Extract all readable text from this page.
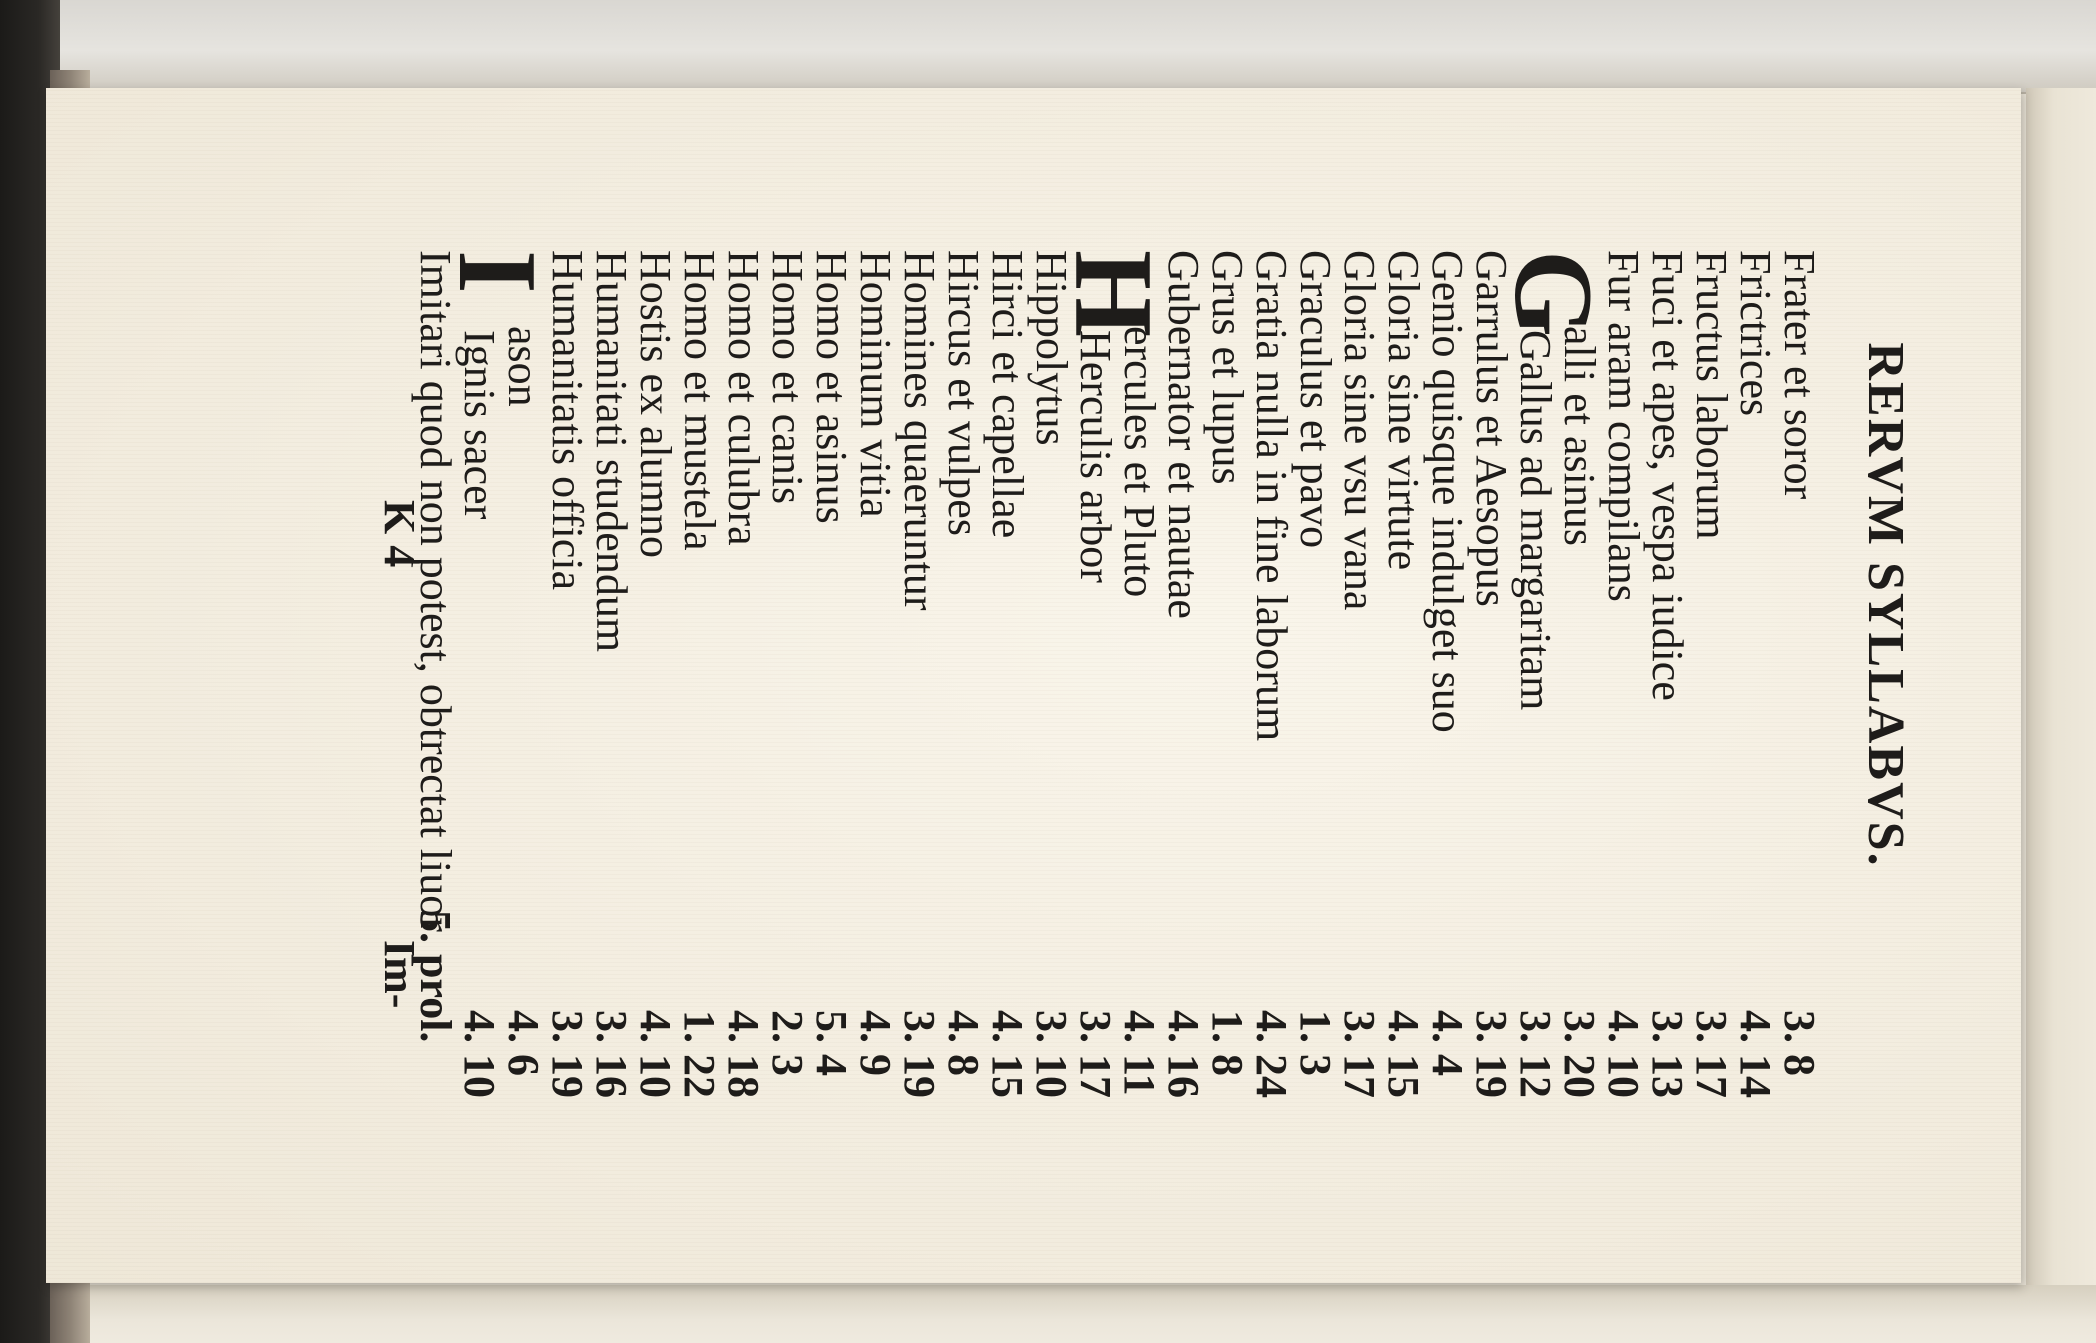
RERVM SYLLABVS.
Frater et soror
3. 8
Frictrices
4. 14
Fructus laborum
3. 17
Fuci et apes, vespa iudice
3. 13
Fur aram compilans
4. 10
G
alli et asinus
3. 20
Gallus ad margaritam
3. 12
Garrulus et Aesopus
3. 19
Genio quisque indulget suo
4. 4
Gloria sine virtute
4. 15
Gloria sine vsu vana
3. 17
Graculus et pavo
1. 3
Gratia nulla in fine laborum
4. 24
Grus et lupus
1. 8
Gubernator et nautae
4. 16
H
ercules et Pluto
4. 11
Herculis arbor
3. 17
Hippolytus
3. 10
Hirci et capellae
4. 15
Hircus et vulpes
4. 8
Homines quaeruntur
3. 19
Hominum vitia
4. 9
Homo et asinus
5. 4
Homo et canis
2. 3
Homo et culubra
4. 18
Homo et mustela
1. 22
Hostis ex alumno
4. 10
Humanitati studendum
3. 16
Humanitatis officia
3. 19
I
ason
4. 6
Ignis sacer
4. 10
Imitari quod non potest, obtrectat liuor
5. prol.
K 4
Im-
